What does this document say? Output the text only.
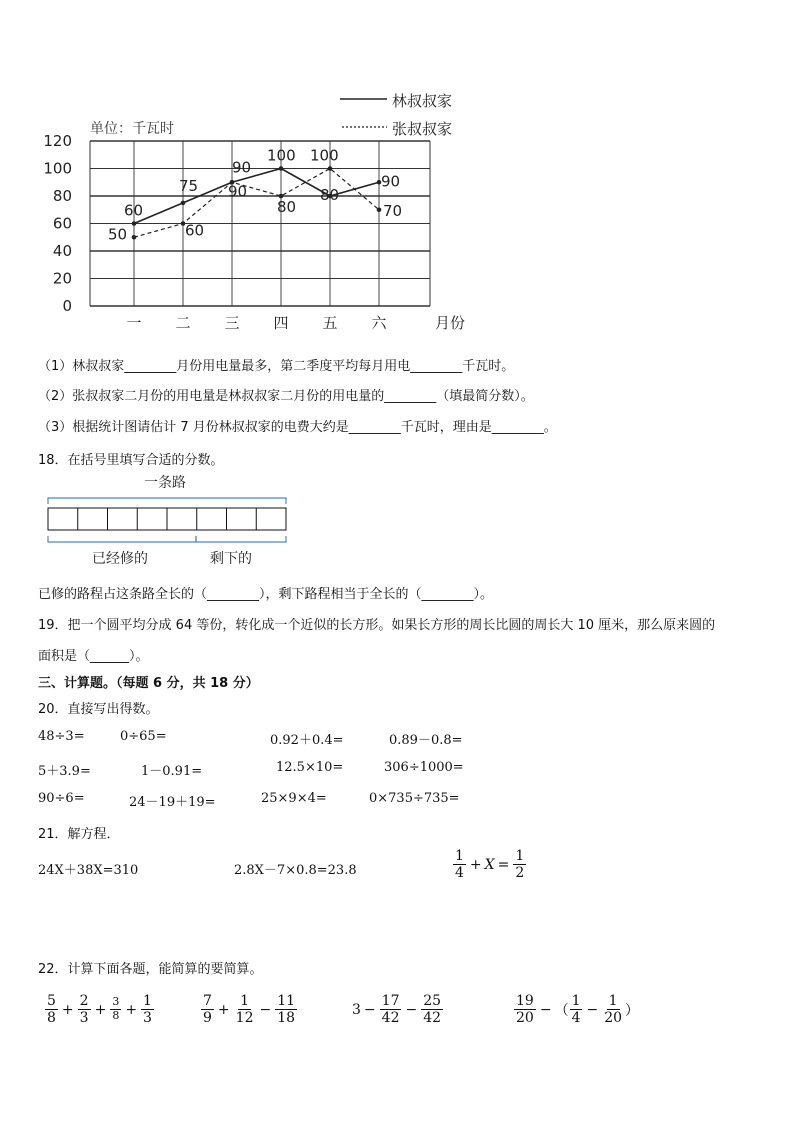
0
20
40
60
80
100
120
一 二 三 四 五 六
60
75
90
100
80
90
50	60
90
80
100
70
单位：千瓦时
月份
林叔叔家
张叔叔家
（1）林叔叔家________月份用电量最多，第二季度平均每月用电________千瓦时。
（2）张叔叔家二月份的用电量是林叔叔家二月份的用电量的________（填最简分数）。
（3）根据统计图请估计 7 月份林叔叔家的电费大约是________千瓦时，理由是________。
18．在括号里填写合适的分数。
一条路
已经修的	剩下的
已修的路程占这条路全长的（________），剩下路程相当于全长的（________）。
19．把一个圆平均分成 64 等份，转化成一个近似的长方形。如果长方形的周长比圆的周长大 10 厘米，那么原来圆的
面积是（______）。
三、计算题。（每题 6 分，共 18 分）
20．直接写出得数。
48÷3=	0÷65=	0.92＋0.4=	0.89－0.8=
5＋3.9=	1－0.91=	12.5×10=	306÷1000=
90÷6=	24－19＋19=	25×9×4=	0×735÷735=
21．解方程．
24X＋38X=310	2.8X－7×0.8=23.8	$\frac{1}{4} + X = \frac{1}{2}$
22．计算下面各题，能简算的要简算。
$\frac{5}{8} + \frac{2}{3} + \frac{3}{8} + \frac{1}{3}$	$\frac{7}{9} + \frac{1}{12} - \frac{11}{18}$	$3 - \frac{17}{42} - \frac{25}{42}$	$\frac{19}{20}$ − （ $\frac{1}{4} - \frac{1}{20}$ ）
